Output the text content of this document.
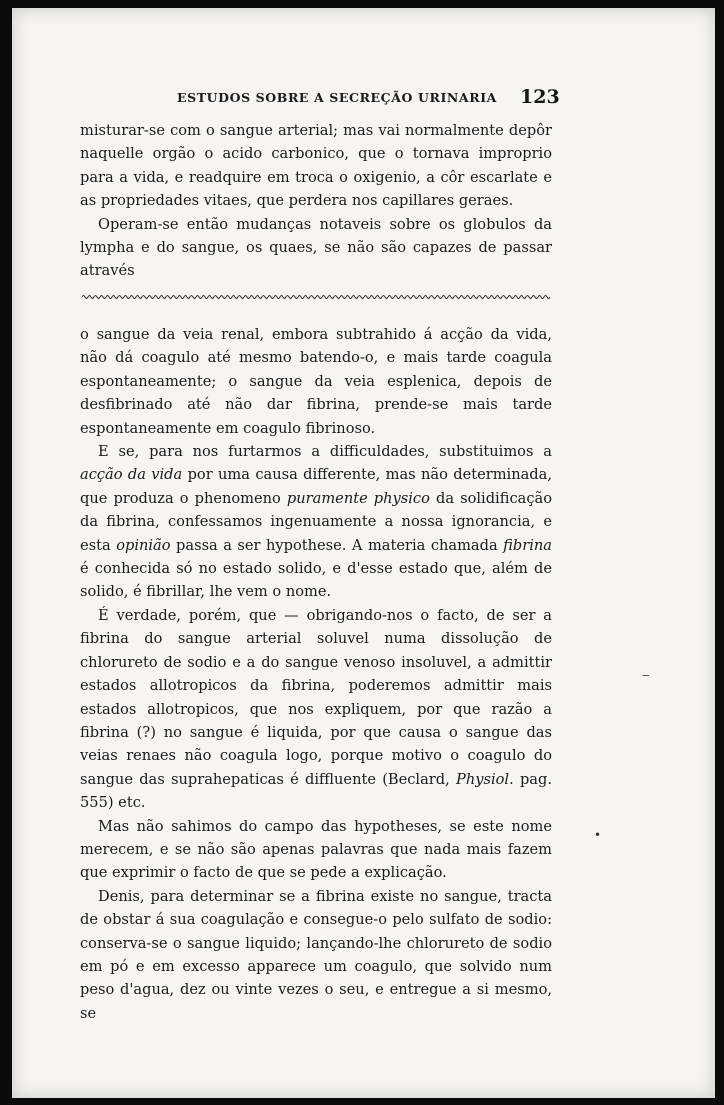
ESTUDOS SOBRE A SECREÇÃO URINARIA 123

misturar-se com o sangue arterial; mas vai normalmente depôr naquelle orgão o acido carbonico, que o tornava improprio para a vida, e readquire em troca o oxigenio, a côr escarlate e as propriedades vitaes, que perdera nos capillares geraes.

Operam-se então mudanças notaveis sobre os globulos da lympha e do sangue, os quaes, se não são capazes de passar através

o sangue da veia renal, embora subtrahido á acção da vida, não dá coagulo até mesmo batendo-o, e mais tarde coagula espontaneamente; o sangue da veia esplenica, depois de desfibrinado até não dar fibrina, prende-se mais tarde espontaneamente em coagulo fibrinoso.

E se, para nos furtarmos a difficuldades, substituimos a acção da vida por uma causa differente, mas não determinada, que produza o phenomeno puramente physico da solidificação da fibrina, confessamos ingenuamente a nossa ignorancia, e esta opinião passa a ser hypothese. A materia chamada fibrina é conhecida só no estado solido, e d'esse estado que, além de solido, é fibrillar, lhe vem o nome.

É verdade, porém, que — obrigando-nos o facto, de ser a fibrina do sangue arterial soluvel numa dissolução de chlorureto de sodio e a do sangue venoso insoluvel, a admittir estados allotropicos da fibrina, poderemos admittir mais estados allotropicos, que nos expliquem, por que razão a fibrina (?) no sangue é liquida, por que causa o sangue das veias renaes não coagula logo, porque motivo o coagulo do sangue das suprahepaticas é diffluente (Beclard, Physiol. pag. 555) etc.

Mas não sahimos do campo das hypotheses, se este nome merecem, e se não são apenas palavras que nada mais fazem que exprimir o facto de que se pede a explicação.

Denis, para determinar se a fibrina existe no sangue, tracta de obstar á sua coagulação e consegue-o pelo sulfato de sodio: conserva-se o sangue liquido; lançando-lhe chlorureto de sodio em pó e em excesso apparece um coagulo, que solvido num peso d'agua, dez ou vinte vezes o seu, e entregue a si mesmo, se

‒
•
